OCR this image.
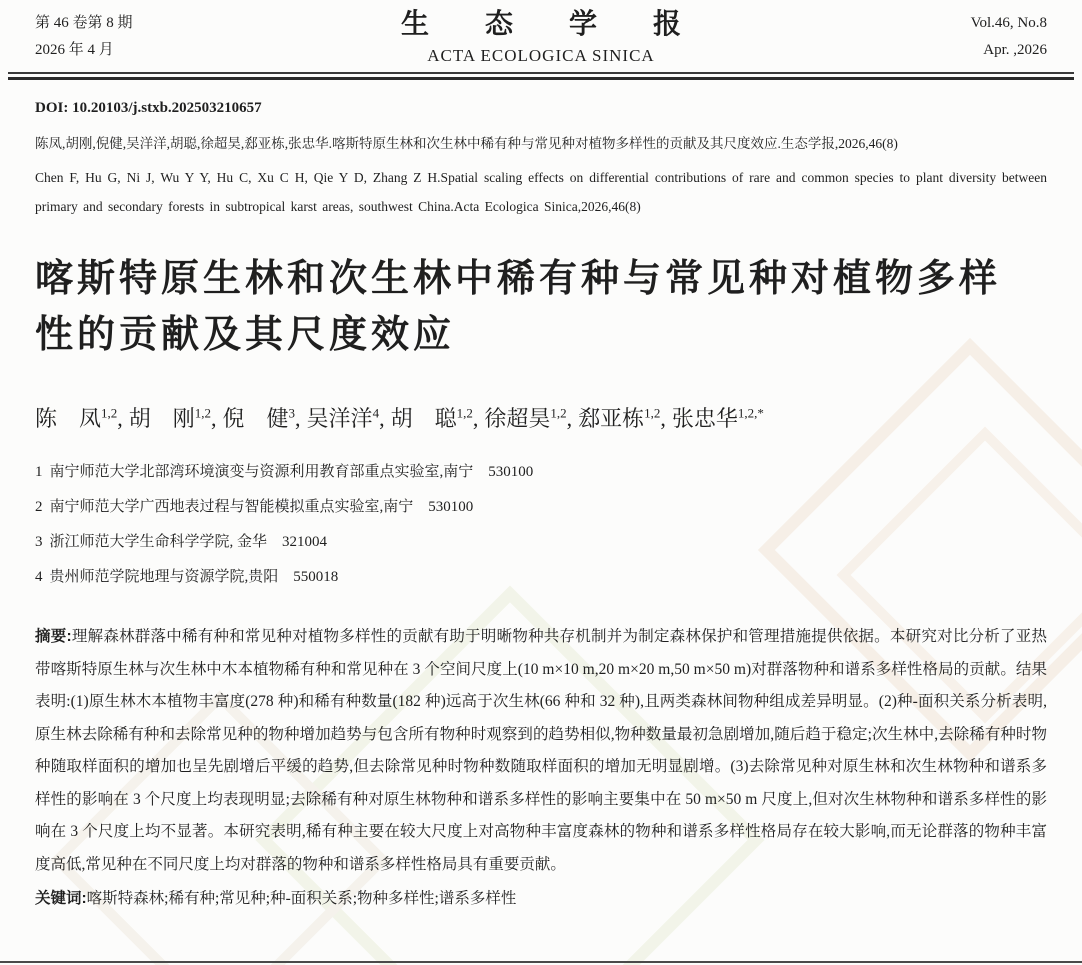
第 46 卷第 8 期
2026 年 4 月
生态学报
ACTA ECOLOGICA SINICA
Vol.46, No.8
Apr. ,2026
DOI: 10.20103/j.stxb.202503210657
陈凤,胡刚,倪健,吴洋洋,胡聪,徐超昊,郄亚栋,张忠华.喀斯特原生林和次生林中稀有种与常见种对植物多样性的贡献及其尺度效应.生态学报,2026,46(8)
Chen F, Hu G, Ni J, Wu Y Y, Hu C, Xu C H, Qie Y D, Zhang Z H.Spatial scaling effects on differential contributions of rare and common species to plant diversity between primary and secondary forests in subtropical karst areas, southwest China.Acta Ecologica Sinica,2026,46(8)
喀斯特原生林和次生林中稀有种与常见种对植物多样性的贡献及其尺度效应
陈　凤$^{1,2}$, 胡　刚$^{1,2}$, 倪　健$^3$, 吴洋洋$^4$, 胡　聪$^{1,2}$, 徐超昊$^{1,2}$, 郄亚栋$^{1,2}$, 张忠华$^{1,2,*}$
1 南宁师范大学北部湾环境演变与资源利用教育部重点实验室,南宁　530100
2 南宁师范大学广西地表过程与智能模拟重点实验室,南宁　530100
3 浙江师范大学生命科学学院, 金华　321004
4 贵州师范学院地理与资源学院,贵阳　550018
摘要:理解森林群落中稀有种和常见种对植物多样性的贡献有助于明晰物种共存机制并为制定森林保护和管理措施提供依据。本研究对比分析了亚热带喀斯特原生林与次生林中木本植物稀有种和常见种在 3 个空间尺度上(10 m×10 m,20 m×20 m,50 m×50 m)对群落物种和谱系多样性格局的贡献。结果表明:(1)原生林木本植物丰富度(278 种)和稀有种数量(182 种)远高于次生林(66 种和 32 种),且两类森林间物种组成差异明显。(2)种-面积关系分析表明,原生林去除稀有种和去除常见种的物种增加趋势与包含所有物种时观察到的趋势相似,物种数量最初急剧增加,随后趋于稳定;次生林中,去除稀有种时物种随取样面积的增加也呈先剧增后平缓的趋势,但去除常见种时物种数随取样面积的增加无明显剧增。(3)去除常见种对原生林和次生林物种和谱系多样性的影响在 3 个尺度上均表现明显;去除稀有种对原生林物种和谱系多样性的影响主要集中在 50 m×50 m 尺度上,但对次生林物种和谱系多样性的影响在 3 个尺度上均不显著。本研究表明,稀有种主要在较大尺度上对高物种丰富度森林的物种和谱系多样性格局存在较大影响,而无论群落的物种丰富度高低,常见种在不同尺度上均对群落的物种和谱系多样性格局具有重要贡献。
关键词:喀斯特森林;稀有种;常见种;种-面积关系;物种多样性;谱系多样性
